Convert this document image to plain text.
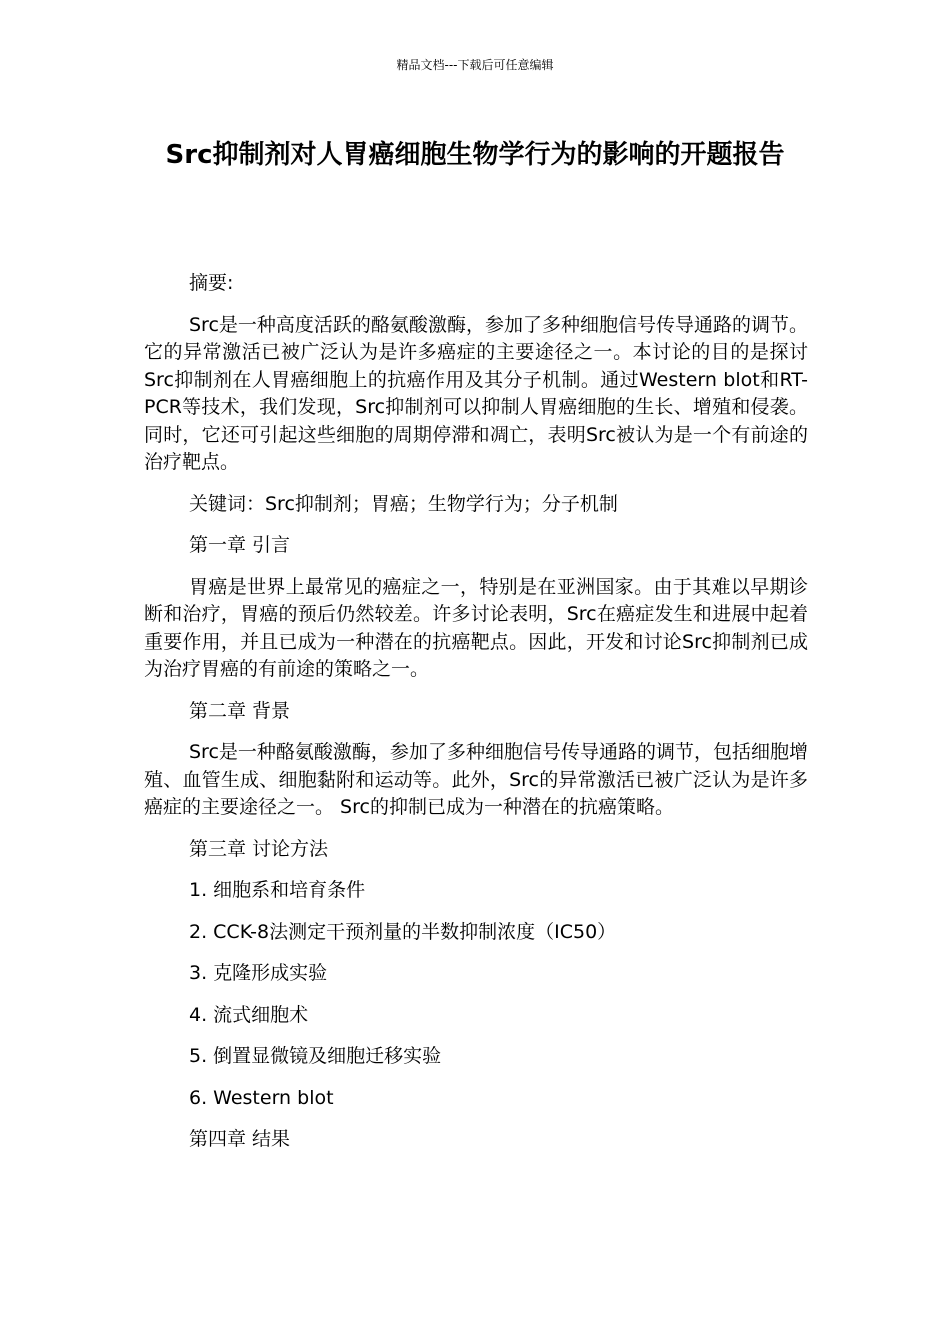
精品文档---下载后可任意编辑
Src抑制剂对人胃癌细胞生物学行为的影响的开题报告

摘要:

Src是一种高度活跃的酪氨酸激酶，参加了多种细胞信号传导通路的调节。它的异常激活已被广泛认为是许多癌症的主要途径之一。本讨论的目的是探讨Src抑制剂在人胃癌细胞上的抗癌作用及其分子机制。通过Western blot和RT-PCR等技术，我们发现，Src抑制剂可以抑制人胃癌细胞的生长、增殖和侵袭。同时，它还可引起这些细胞的周期停滞和凋亡，表明Src被认为是一个有前途的治疗靶点。

关键词：Src抑制剂；胃癌；生物学行为；分子机制

第一章 引言

胃癌是世界上最常见的癌症之一，特别是在亚洲国家。由于其难以早期诊断和治疗，胃癌的预后仍然较差。许多讨论表明，Src在癌症发生和进展中起着重要作用，并且已成为一种潜在的抗癌靶点。因此，开发和讨论Src抑制剂已成为治疗胃癌的有前途的策略之一。

第二章 背景

Src是一种酪氨酸激酶，参加了多种细胞信号传导通路的调节，包括细胞增殖、血管生成、细胞黏附和运动等。此外，Src的异常激活已被广泛认为是许多癌症的主要途径之一。 Src的抑制已成为一种潜在的抗癌策略。

第三章 讨论方法

1. 细胞系和培育条件

2. CCK-8法测定干预剂量的半数抑制浓度（IC50）

3. 克隆形成实验

4. 流式细胞术

5. 倒置显微镜及细胞迁移实验

6. Western blot

第四章 结果
